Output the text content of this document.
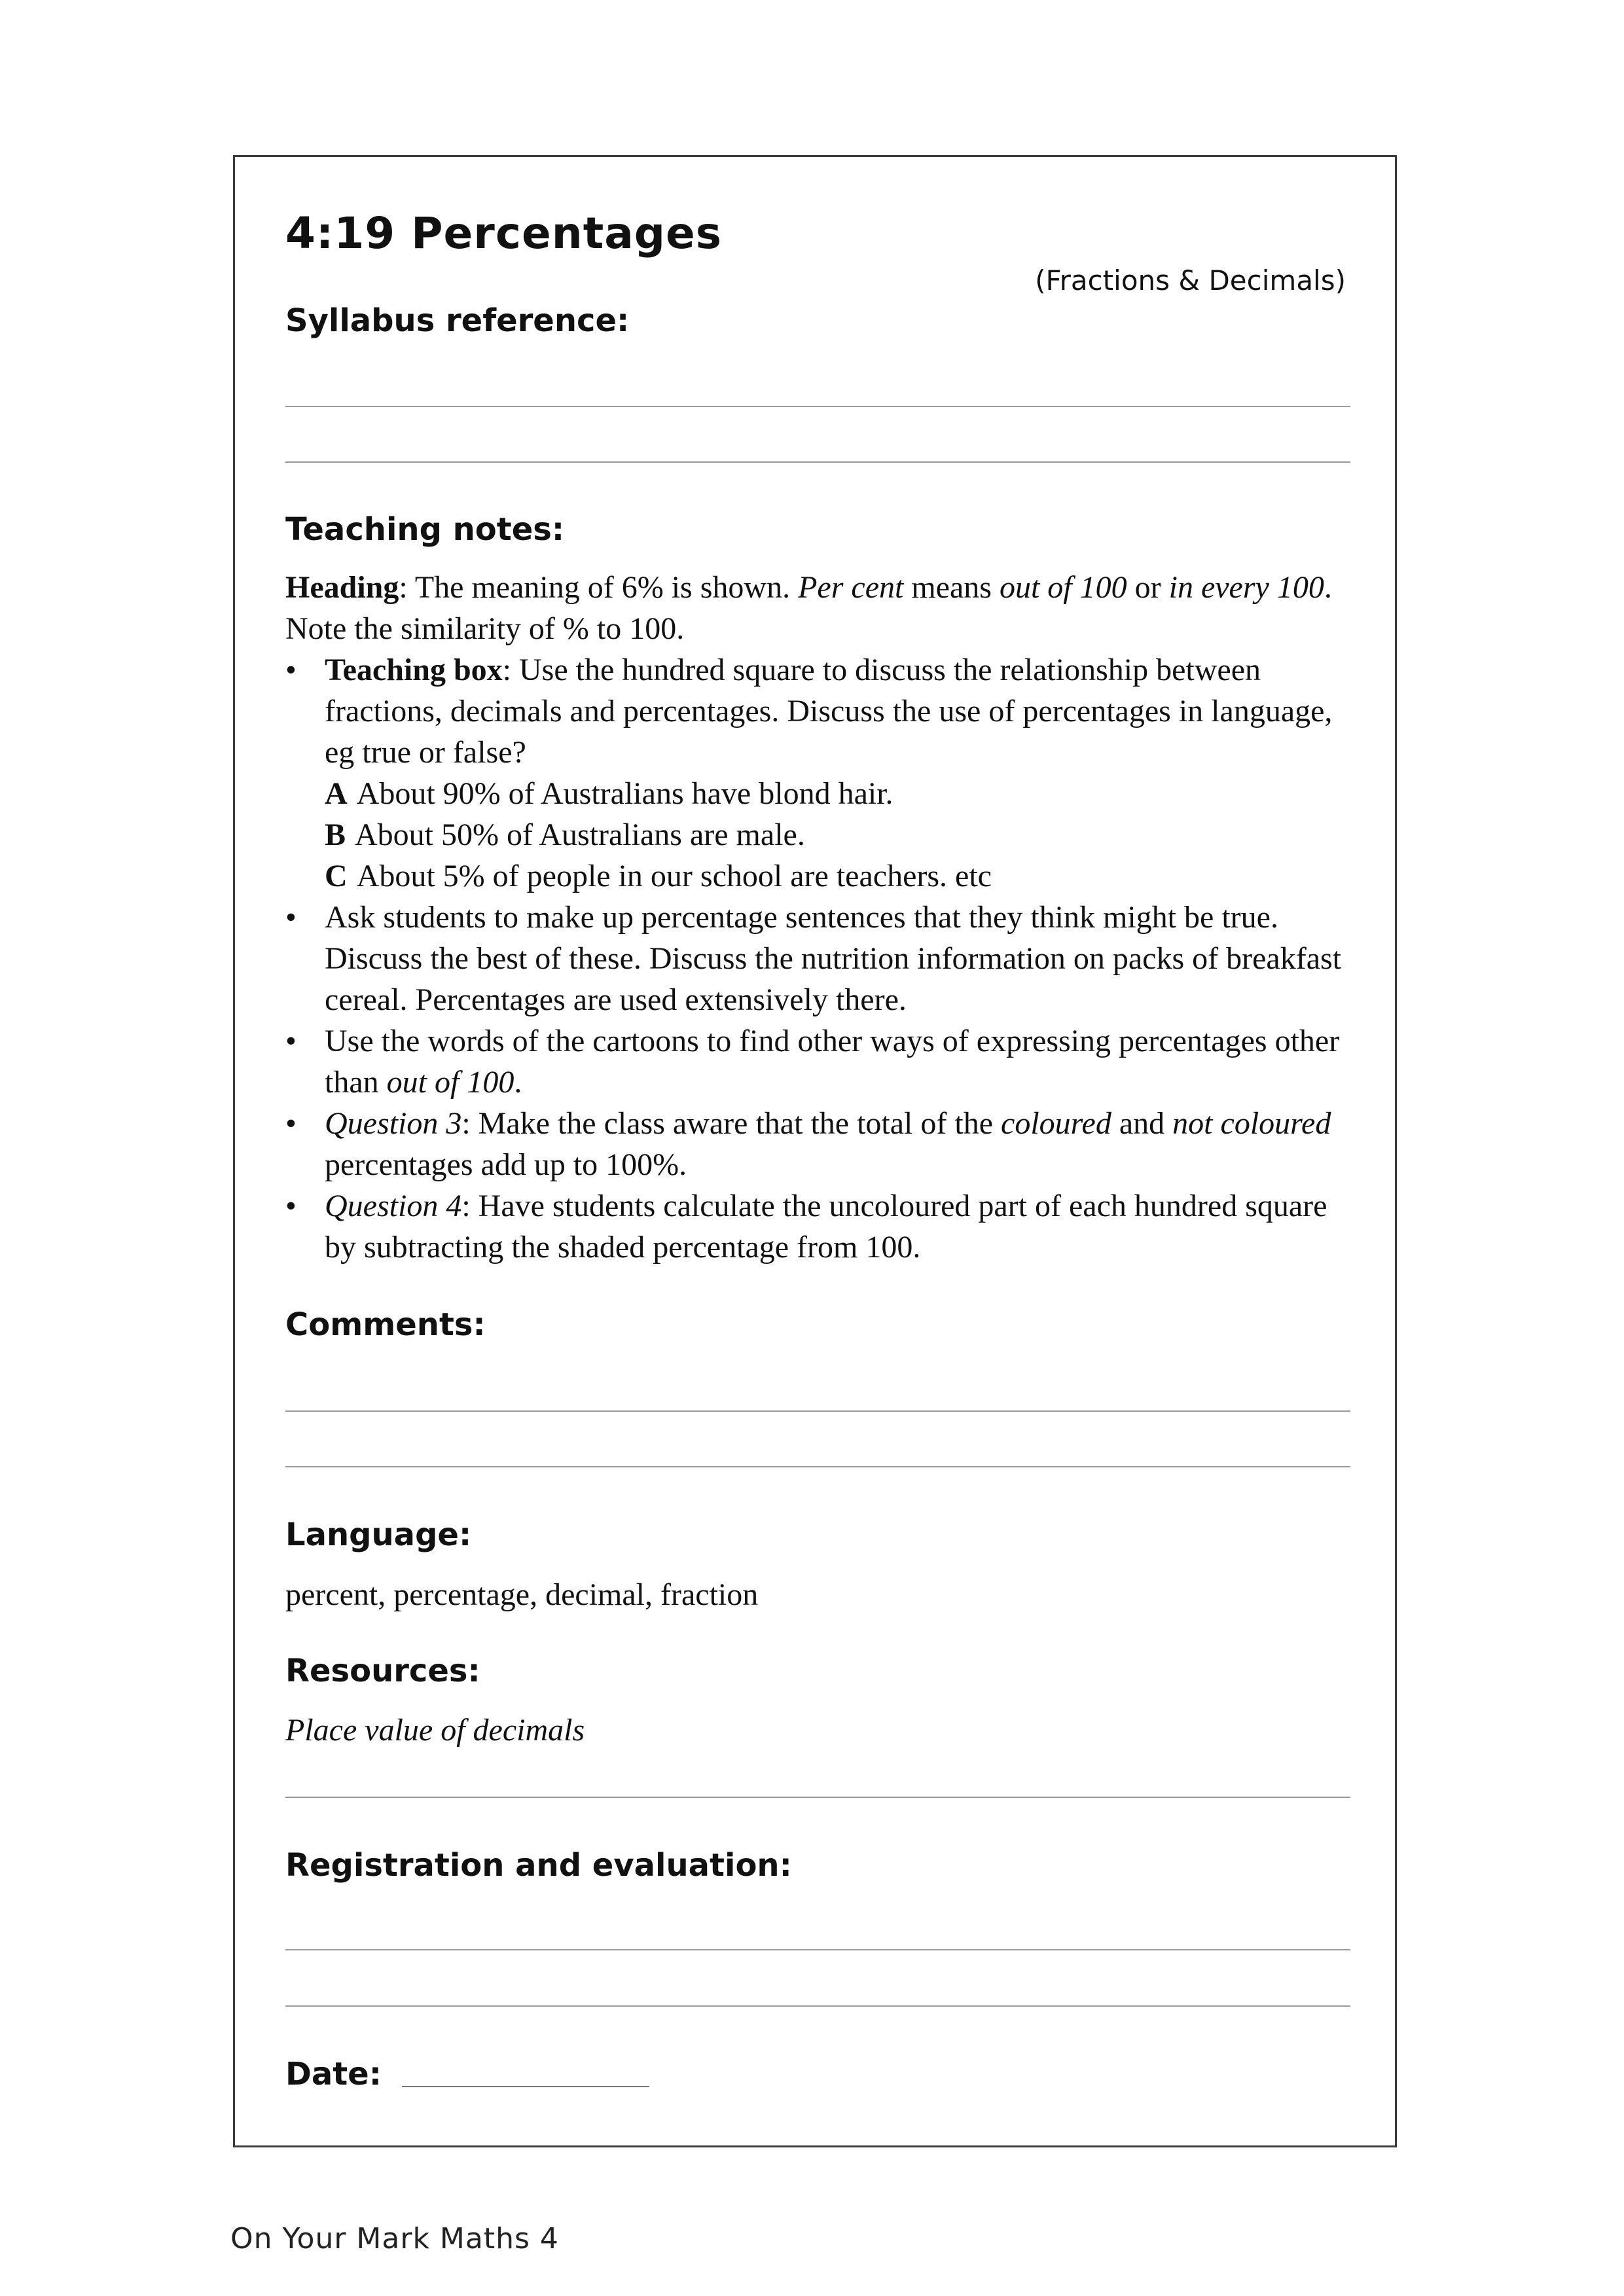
4:19 Percentages
(Fractions & Decimals)
Syllabus reference:
Teaching notes:

Heading: The meaning of 6% is shown. Per cent means out of 100 or in every 100. Note the similarity of % to 100.

• Teaching box: Use the hundred square to discuss the relationship between fractions, decimals and percentages. Discuss the use of percentages in language, eg true or false?
A About 90% of Australians have blond hair.
B About 50% of Australians are male.
C About 5% of people in our school are teachers. etc
• Ask students to make up percentage sentences that they think might be true. Discuss the best of these. Discuss the nutrition information on packs of breakfast cereal. Percentages are used extensively there.
• Use the words of the cartoons to find other ways of expressing percentages other than out of 100.
• Question 3: Make the class aware that the total of the coloured and not coloured percentages add up to 100%.
• Question 4: Have students calculate the uncoloured part of each hundred square by subtracting the shaded percentage from 100.
Comments:
Language:
percent, percentage, decimal, fraction
Resources:
Place value of decimals
Registration and evaluation:
Date:
On Your Mark Maths 4
